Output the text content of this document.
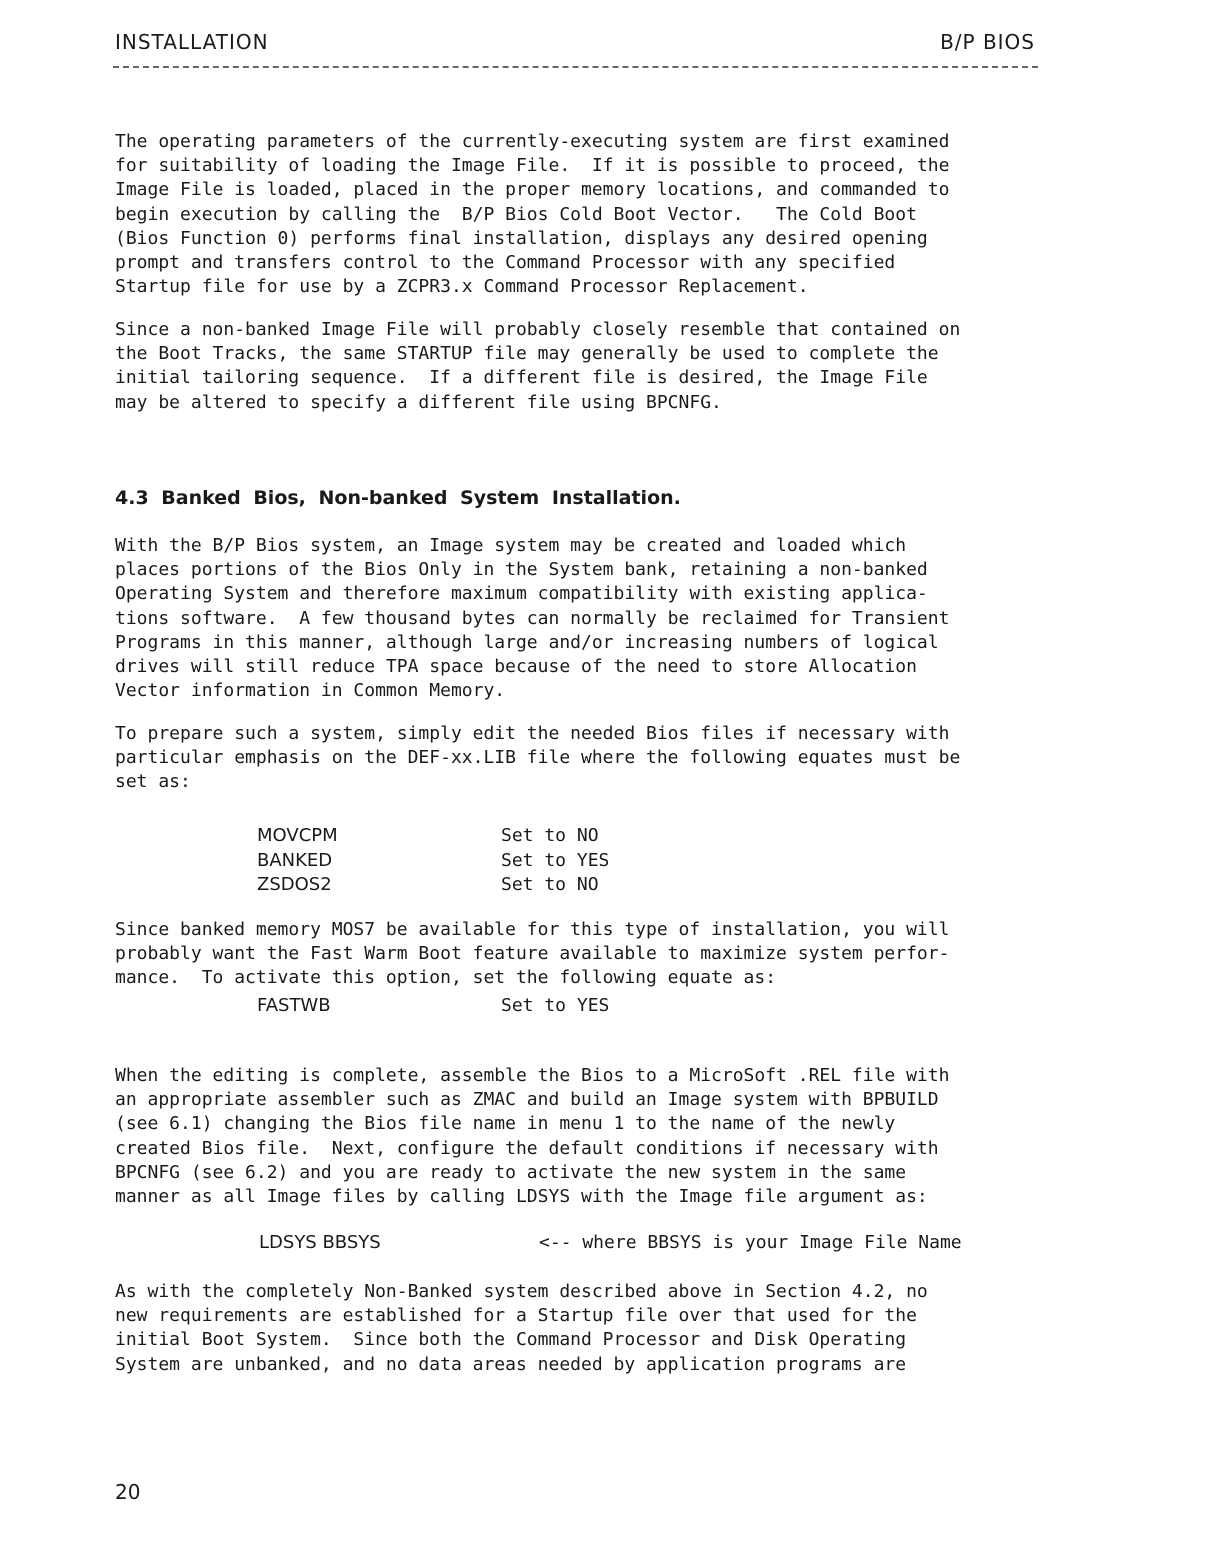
INSTALLATION	B/P BIOS
The operating parameters of the currently-executing system are first examined
for suitability of loading the Image File.  If it is possible to proceed, the
Image File is loaded, placed in the proper memory locations, and commanded to
begin execution by calling the  B/P Bios Cold Boot Vector.   The Cold Boot
(Bios Function 0) performs final installation, displays any desired opening
prompt and transfers control to the Command Processor with any specified
Startup file for use by a ZCPR3.x Command Processor Replacement.
Since a non-banked Image File will probably closely resemble that contained on
the Boot Tracks, the same STARTUP file may generally be used to complete the
initial tailoring sequence.  If a different file is desired, the Image File
may be altered to specify a different file using BPCNFG.
4.3 Banked Bios, Non-banked System Installation.
With the B/P Bios system, an Image system may be created and loaded which
places portions of the Bios Only in the System bank, retaining a non-banked
Operating System and therefore maximum compatibility with existing applica-
tions software.  A few thousand bytes can normally be reclaimed for Transient
Programs in this manner, although large and/or increasing numbers of logical
drives will still reduce TPA space because of the need to store Allocation
Vector information in Common Memory.
To prepare such a system, simply edit the needed Bios files if necessary with
particular emphasis on the DEF-xx.LIB file where the following equates must be
set as:
MOVCPM	Set to NO
BANKED	Set to YES
ZSDOS2	Set to NO
Since banked memory MOS7 be available for this type of installation, you will
probably want the Fast Warm Boot feature available to maximize system perfor-
mance.  To activate this option, set the following equate as:
FASTWB	Set to YES
When the editing is complete, assemble the Bios to a MicroSoft .REL file with
an appropriate assembler such as ZMAC and build an Image system with BPBUILD
(see 6.1) changing the Bios file name in menu 1 to the name of the newly
created Bios file.  Next, configure the default conditions if necessary with
BPCNFG (see 6.2) and you are ready to activate the new system in the same
manner as all Image files by calling LDSYS with the Image file argument as:
LDSYS BBSYS	<-- where BBSYS is your Image File Name
As with the completely Non-Banked system described above in Section 4.2, no
new requirements are established for a Startup file over that used for the
initial Boot System.  Since both the Command Processor and Disk Operating
System are unbanked, and no data areas needed by application programs are
20
